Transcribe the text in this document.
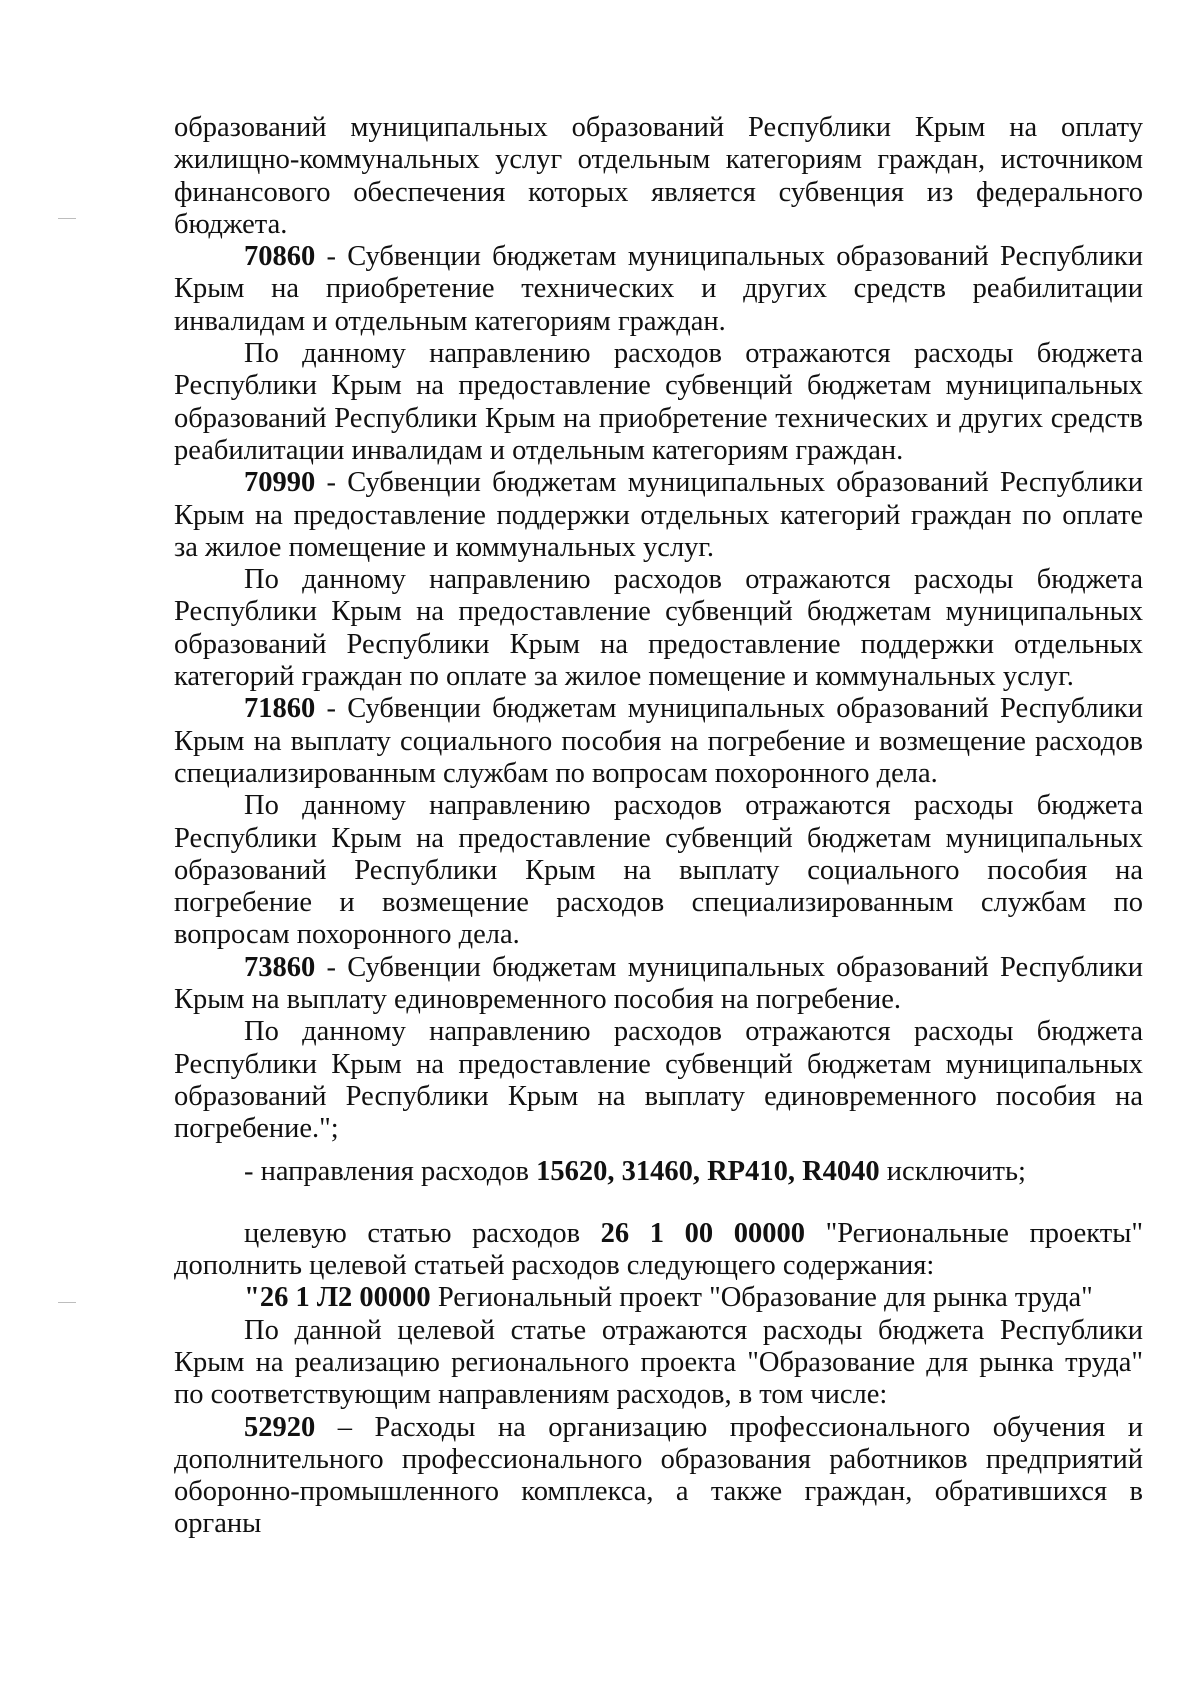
образований муниципальных образований Республики Крым на оплату жилищно-коммунальных услуг отдельным категориям граждан, источником финансового обеспечения которых является субвенция из федерального бюджета.

70860 - Субвенции бюджетам муниципальных образований Республики Крым на приобретение технических и других средств реабилитации инвалидам и отдельным категориям граждан.

По данному направлению расходов отражаются расходы бюджета Республики Крым на предоставление субвенций бюджетам муниципальных образований Республики Крым на приобретение технических и других средств реабилитации инвалидам и отдельным категориям граждан.

70990 - Субвенции бюджетам муниципальных образований Республики Крым на предоставление поддержки отдельных категорий граждан по оплате за жилое помещение и коммунальных услуг.

По данному направлению расходов отражаются расходы бюджета Республики Крым на предоставление субвенций бюджетам муниципальных образований Республики Крым на предоставление поддержки отдельных категорий граждан по оплате за жилое помещение и коммунальных услуг.

71860 - Субвенции бюджетам муниципальных образований Республики Крым на выплату социального пособия на погребение и возмещение расходов специализированным службам по вопросам похоронного дела.

По данному направлению расходов отражаются расходы бюджета Республики Крым на предоставление субвенций бюджетам муниципальных образований Республики Крым на выплату социального пособия на погребение и возмещение расходов специализированным службам по вопросам похоронного дела.

73860 - Субвенции бюджетам муниципальных образований Республики Крым на выплату единовременного пособия на погребение.

По данному направлению расходов отражаются расходы бюджета Республики Крым на предоставление субвенций бюджетам муниципальных образований Республики Крым на выплату единовременного пособия на погребение.";

- направления расходов 15620, 31460, RP410, R4040 исключить;

целевую статью расходов 26 1 00 00000 "Региональные проекты" дополнить целевой статьей расходов следующего содержания:

"26 1 Л2 00000 Региональный проект "Образование для рынка труда"

По данной целевой статье отражаются расходы бюджета Республики Крым на реализацию регионального проекта "Образование для рынка труда" по соответствующим направлениям расходов, в том числе:

52920 – Расходы на организацию профессионального обучения и дополнительного профессионального образования работников предприятий оборонно-промышленного комплекса, а также граждан, обратившихся в органы
